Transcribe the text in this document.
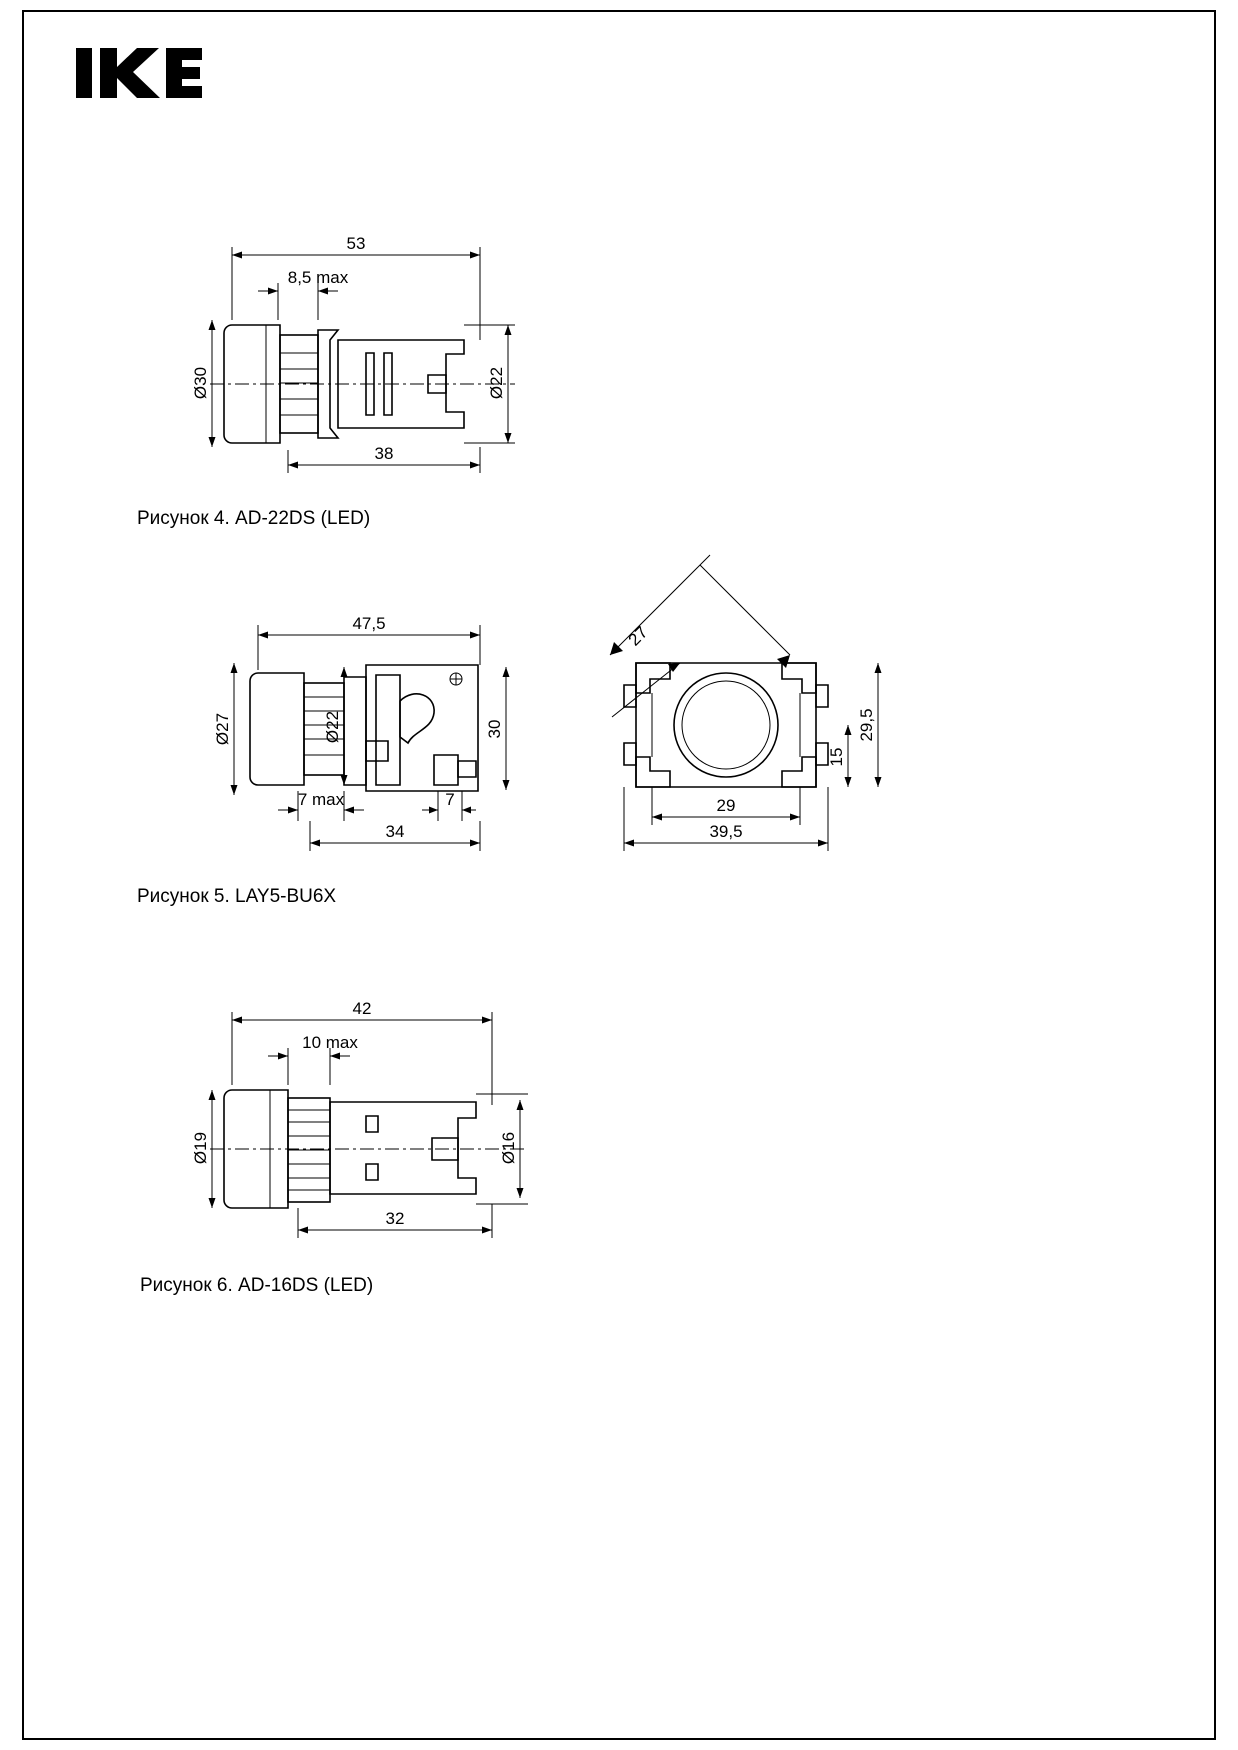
53
8,5 max
Ø30	Ø22
38
Рисунок 4. AD-22DS (LED)
47,5
Ø27	Ø22	30
7 max	7
34
27
29,5
15
29
39,5
Рисунок 5. LAY5-BU6X
42
10 max
Ø19	Ø16
32
Рисунок 6. AD-16DS (LED)
